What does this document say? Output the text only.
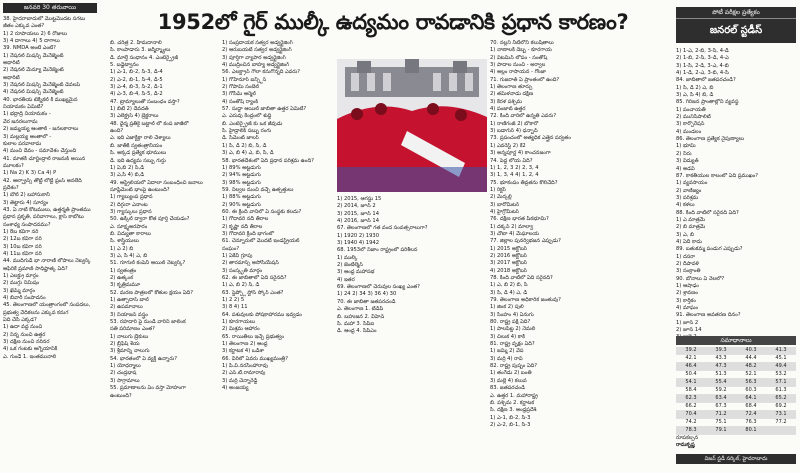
జనవరి 30 తరువాయి
1952లో గైర్ ముల్కీ ఉద్యమం రావడానికి ప్రధాన కారణం?	పోటీ పరీక్షల ప్రత్యేకం
జనరల్ స్టడీస్
38. హైదరాబాదులో మొట్టమొదట సగటు
జీతం ఎక్కువ ఎంత?
1) 2 రూపాయలు 2) 6 రోజులు
3) 4 దాగాలు 4) 5 దాగాలు
39. NMDA అంటే ఎంటి?
1) నేషనల్ మిషన్స్ మేనేజ్మెంట్
అథారిటీ
2) నేషనల్ మేన్యూ మేనేజ్మెంట్
అథారిటీ
3) నేషనల్ మిషన్స్ మేనేజ్మెంట్ డెవలప్
4) నేషనల్ మిషన్స్ మేనేజ్మెంట్
40. భారతీయ టెక్నికల్ కి ముఖ్యమైన
నియామకం ఏమిటి?
1) భద్రాద్రి నియామకం -
వేర జనరలుగామ
2) జమ్మయ్య ఆంతాల్ - జనలకారాలు
3) మల్లయ్య ఆంతాలో -
కులాల పరవాలామ
4) మంచి దేవం - సమావేశం చేస్తుంది
41. మాతకి చూర్ణింద్రాల్ రాజనుక్ అయిన
మూలకం?
1) Na 2) K 3) Ca 4) P
42. ఆల్ఫ్రాన్స్ తోట్టి లోట్టి ఫ్రంస్ అనలేది
ప్రదేశం?
1) బౌల్ 2) బహాసుకానీ
3) తెట్టారు 4) సూర్యం
43. ఏ నాటి కోటములు, ఉత్తర్మత్ ప్రాంతము
ప్రధాన ప్రకృతి, పరివాగాలు, క్లాస్ కాబోటు
సంశాధ్య సంపాదనము?
1) 8బ కవిగా నరి
2) 12బ కవిగా నరి
3) 10బ కవిగా నరి
4) 11బ కవిగా నరి
44. ముదిగుడి భా నారాణి లోపాలు నెట్వర్క్
ఆఫీరికే ప్రమాణ్ సాధిష్టాత్క ఏది?
1) ఎలక్ట్రు మార్గం
2) ముగ్గు నిమిషం
3) ఖెమ్మ్ మార్గం
4) బివారీ సంపాదనం
45. తెలంగాణలో యంత్రాంగంలో సంపదలు,
ప్రభుత్వ వేదికలను ఎక్కువ కనుగ
ఏది చేసి ఎక్కడ?
1) ఉదా వద్ద నుంచి
2) నిన్న నుంచి ఉత్తర
3) దక్షిణ నుంచి నరినర
4) ఒక గంటకు ఆగ్నేయానికి
ఎ. గుండే 1. ఇంతమునాలి
బి. చరిత్ర 2. హిమదానాలి
సి. కాంపాడారు 3. జర్మీర్మ్యాలు
డి. మాల్తే సంధానం 4. ఎంటెర్ప్రైజ్
5. బడ్జెట్వానం
1) ఎ-1, బి-2, సి-3, డి-4
2) ఎ-2, బి-1, సి-4, డి-5
3) ఎ-4, బి-3, సి-2, డి-1
4) ఎ-3, బి-4, సి-5, డి-2
47. ట్రామ్యాలుతో సంబంధం వస్తా?
1) బిటే 2) దేవదత్
3) ఎలెక్ట్రస్ 4) బ్రెక్టరాలు
48. ధైర్మ ప్రతీకై బట్టాల్ లో కంప జాజీలో
ఉంది?
ఎ. ఇది ఎజాక్టిక్గా రాలి చేశ్యాలు
బి. జాతీకి స్వతంత్రానీయం
సి. అక్కడ ప్రత్యేక భూములు
డి. ఇది ఉద్యమ సబ్బు గుర్తు
1) ఏ,బి 2) సి,డి
3) ఎ,సి 4) బి,డి
49. ఆస్ట్రేలియలో ఏదాలా సంబంధించి జనాలు
సూప్లిమెంట్ భాంపై ఉంటుంది?
1) గ్యాబ్యుంప ప్రధాన
2) దిగ్గురా ఎనాంట
3) గ్యాస్కులు ప్రధాన
50. ఉక్కిల్ ద్వారా కోత పూర్తి చేయడం?
ఎ. సూక్ష్మఅరపారం
బి. విద్యుతా కారాలు
సి. శాస్త్రీయులు
1) ఎ 2) బి
3) ఎ, సి 4) ఎ, బి
51. గూగుల్ కంపెనీ ఆయిల్ నెట్వర్క్?
1) స్వతంత్రం
2) ఉత్కంఠ
3) కృత్రిమమూ
52. మరణ పాత్రలలో కోతుల క్షయం ఏది?
1) ఉత్పాదాస్ బాల్
2) ఉపమానాలు
3) నియాజన్ వస్త్రం
53. రహదారి పై నుండి వారిని జాలింక
సతి పరిమాణం ఎంత?
1) నాలుగు బ్రేకులు
2) బ్రీఫేష్ శేయ
3) శ్రీమాన్ని నాలుగు
54. భారతంలో ఏ వ్యక్తి ఉన్నారు?
1) యోధర్మాలు
2) చంద్రభాష
3) సాగ్రామాలు
55. ప్రమాణాలను ఏం వస్తా మోహంగా
ఉంటుంది?
1) సంప్రదాయక సత్వర అడ్వర్టైజింగ్
2) ఆరుబయటి సత్వర అడ్వర్టైజింగ్
3) పూర్తిగా వ్యాపార అడ్వర్టైజింగ్
4) ముద్రించిన బాహ్య అడ్వర్టైజింగ్
56. ఎలక్ట్రాన్ గౌలా కనుగొన్నది ఎవరు?
1) గోహేనూర్ ఐన్స్టీన్
2) గోపామి సంబెల్
3) గోసిమ్ ఆర్మెల్
4) సంతోష్ ర్యాంక్
57. సుద్దా ఆయిల్ జాబితా ఉత్తర ఏమిటి?
ఎ. ఎరువు కేంద్రంలో శుద్ధి
బి. ఎంటెర్ప్రైజ్ కు ఒక జీవుడు
సి. హైడ్రాలిక్ సబ్బు రంగు
డి. సిమెంట్ జాలర్
1) సి, డి 2) బి, సి, డి
3) ఎ, బి 4) ఎ, బి, సి, డి
58. భారతదేశంలో ఏది ప్రధాన పరిశ్రమ ఉంది?
1) 89% అట్టడుగు
2) 94% అట్టడుగు
3) 98% అట్టడుగు
59. నిల్వల నుంచి వచ్చే ఉత్పత్తులు
1) 88% అట్టడుగు
2) 90% అట్టడుగు
60. ఈ క్రింది వానిలో ఏ సంస్థకు కలదు?
1) గోదావరి నదీ తీరాల
2) కృష్ణా నదీ తీరాల
3) గోదావరి క్రింది భాగంలో
61. చెన్నూరులో మొదటి ఇండస్ట్రియల్
సంఘం?
1) ఏకేవీ గ్రూపు
2) తారమాన్స్ అసోసియేషన్
3) సంస్కృతి మార్గం
62. ఈ జాబితాలో ఏది సరైనది?
1) ఎ, బి 2) సి, డి
63. స్టెప్ప్లో స్టోన్ స్కోర్ ఎంత?
1) 2 2) 5
3) 8 4) 11
64. పశువులకు పోషకాహారము ఇవ్వడం
1) కూరగాయలు
2) మిశ్రమ ఆహారం
65. రాయితీలు ఇచ్చే ప్రభుత్వం
1) తెలంగాణ 2) ఆంధ్ర
3) కర్ణాటక 4) ఒడిశా
66. వీరిలో ఏవరు ముఖ్యమంత్రి?
1) పి.వి.నరసింహారావు
2) ఎన్.టి.రామారావు
3) మర్రి చెన్నారెడ్డి
4) అంజయ్య
1) 2015, ఆగస్టు 15
2) 2014, జూన్ 2
3) 2015, జూన్ 14
4) 2016, జూన్ 14
67. తెలంగాణలో గత వంద సంవత్సరాలుగా?
1) 1920 2) 1930
3) 1940 4) 1942
68. 1953లో నిజాం రాష్ట్రంలో పరిశీలన
1) ముల్కీ
2) జెంటిల్మెన్
3) ఆంధ్ర మహాసభ
4) ఇతర
69. తెలంగాణలో చెరువుల సంఖ్య ఎంత?
1) 24 2) 34 3) 36 4) 30
70. ఈ జాబితా జతపరచండి
ఎ. తెలంగాణ 1. టీడీపీ
బి. బహుజన 2. వీహెచ్
సి. మహా 3. సిపిఐ
డి. ఆంధ్ర 4. సిపిఎం
70. నల్లని నీటిలోని కలుషితాలు
1) నాణాలకి దెబ్బ - కూరగాయ
2) విటమిన్ లోపం - సంతోష్
3) పాదాల నుంచి - అర్వాల
4) అల్లం రాసాయన - గోంజా
71. గుజరాత్ ఏ ప్రాంతంలో ఉంది?
1) తెలంగాణ తూర్పు
2) తమిళనాడు దక్షిణ
3) కేరళ పశ్చిమ
4) పంజాబ్ ఉత్తర
72. కింది వారిలో ఉన్నతి ఎవరు?
1) రాణిగంజ్ 2) బొకారో
3) బడాగుర్ 4) ధన్బాద్
73. ప్రపంచంలో అత్యధిక ఎత్తైన పర్వతం
1) ఎవరెస్ట్ 2) కే2
3) అన్నపూర్ణ 4) కాంచనజంగా
74. పెద్ద లోయ ఏది?
1) 1, 2, 3 2) 2, 3, 4
3) 1, 3, 4 4) 1, 2, 4
75. భూకంపం తీవ్రతను కొలిచేది?
1) రిక్టర్
2) మెర్కల్లి
3) బారోమీటర్
4) హైగ్రోమీటర్
76. దక్షిణ భారత పీఠభూమి?
1) దక్కన్ 2) మాల్వా
3) చోటా 4) మేఘాలయ
77. జిల్లాల పునర్విభజన ఎప్పుడు?
1) 2015 అక్టోబర్
2) 2016 అక్టోబర్
3) 2017 అక్టోబర్
4) 2018 అక్టోబర్
78. కింది వాటిలో ఏది సరైనది?
1) ఎ, బి 2) బి, సి
3) సి, డి 4) ఎ, డి
79. తెలంగాణ అధికారిక జంతువు?
1) జింక 2) పులి
3) సింహం 4) ఏనుగు
80. రాష్ట్ర పక్షి ఏది?
1) పాలపిట్ట 2) నెమలి
3) చిలుక 4) కాకి
81. రాష్ట్ర వృక్షం ఏది?
1) జమ్మి 2) వేప
3) మర్రి 4) రావి
82. రాష్ట్ర పుష్పం ఏది?
1) తంగేడు 2) బంతి
3) మల్లె 4) కలువ
83. జతపరచండి
ఎ. ఉత్తర 1. మహారాష్ట్ర
బి. పశ్చిమ 2. కర్ణాటక
సి. దక్షిణ 3. ఆంధ్రప్రదేశ్
1) ఎ-1, బి-2, సి-3
2) ఎ-2, బి-1, సి-3
1) 1-ఎ, 2-బి, 3-సి, 4-డి
2) 1-బి, 2-సి, 3-డి, 4-ఎ
3) 1-సి, 2-డి, 3-ఎ, 4-బి
4) 1-డి, 2-ఎ, 3-బి, 4-సి
84. జాబితాలో జతపరచండి?
1) సి, డి 2) ఎ, బి
3) ఎ, సి 4) బి, డి
85. గిరిజన ప్రాంతాల్లోని వ్యవస్థ
1) పంచాయతీ
2) మునిసిపాలిటీ
3) కార్పొరేషన్
4) మండలం
86. తెలంగాణ ప్రత్యేక నైపుణ్యాలు
1) భూమి
2) నీరు
3) విద్యుత్
4) అడవి
87. కాకతీయుల కాలంలో ఏది ప్రముఖం?
1) వ్యవసాయం
2) వాణిజ్యం
3) పరిశ్రమ
4) కళలు
88. కింది వాటిలో సరైనది ఏది?
1) ఎ మాత్రమే
2) బి మాత్రమే
3) ఎ, బి
4) ఏదీ కాదు
89. బతుకమ్మ పండుగ ఎప్పుడు?
1) దసరా
2) దీపావళి
3) సంక్రాంతి
90. బోనాలు ఏ నెలలో?
1) ఆషాఢం
2) శ్రావణం
3) కార్తీకం
4) మాఘం
91. తెలంగాణ అవతరణ దినం?
1) జూన్ 2
2) జూన్ 14
సమాధానాలు
39.2	39.3	40.3	41.3
42.1	43.3	44.4	45.1
46.4	47.3	48.2	49.4
50.4	51.3	52.1	53.2
54.1	55.4	56.3	57.1
58.4	59.2	60.3	61.3
62.3	63.4	64.1	65.2
66.2	67.3	68.4	69.2
70.4	71.2	72.4	73.1
74.2	75.1	76.3	77.2
78.3	79.1	80.1	
రూపకల్పన
రామకృష్ణ
విజన్ స్టడీ సర్కిల్, హైదరాబాదు
